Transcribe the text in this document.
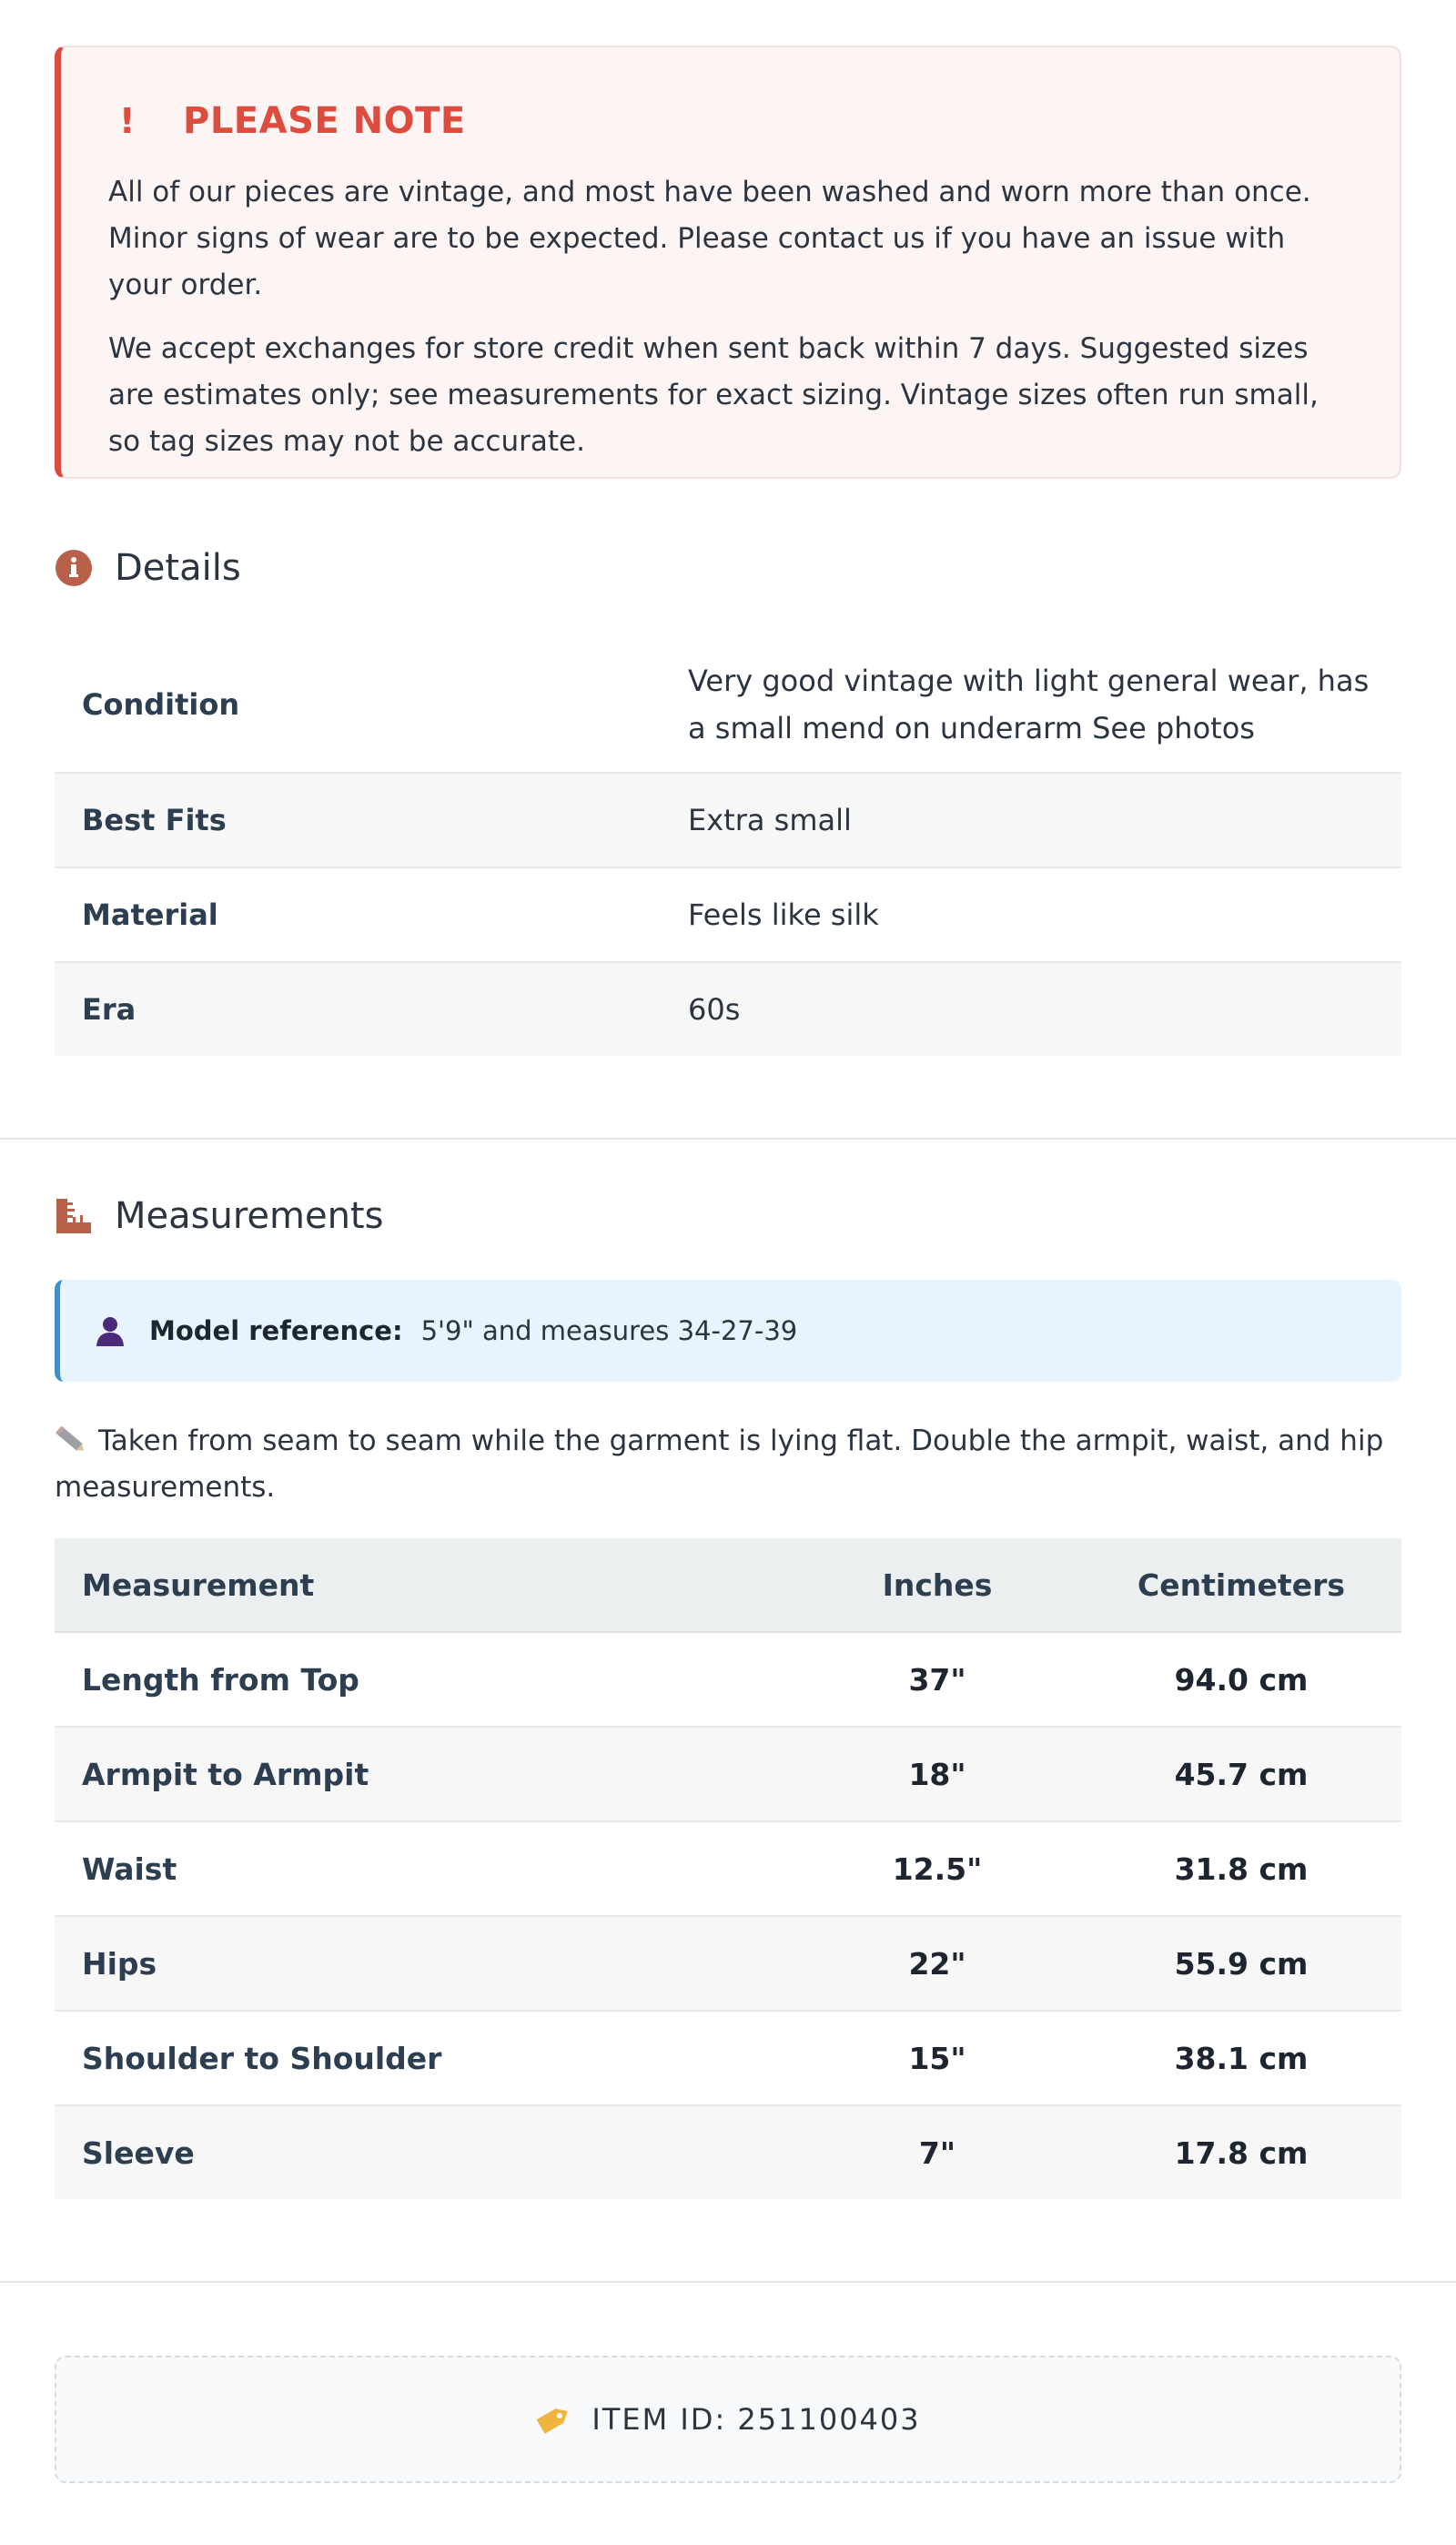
!	PLEASE NOTE

All of our pieces are vintage, and most have been washed and worn more than once. Minor signs of wear are to be expected. Please contact us if you have an issue with your order.

We accept exchanges for store credit when sent back within 7 days. Suggested sizes are estimates only; see measurements for exact sizing. Vintage sizes often run small, so tag sizes may not be accurate.

Details
Condition	Very good vintage with light general wear, has a small mend on underarm See photos
Best Fits	Extra small
Material	Feels like silk
Era	60s
Measurements
Model reference: 5'9" and measures 34-27-39
Taken from seam to seam while the garment is lying flat. Double the armpit, waist, and hip measurements.
Measurement	Inches	Centimeters
Length from Top	37"	94.0 cm
Armpit to Armpit	18"	45.7 cm
Waist	12.5"	31.8 cm
Hips	22"	55.9 cm
Shoulder to Shoulder	15"	38.1 cm
Sleeve	7"	17.8 cm
ITEM ID: 251100403
